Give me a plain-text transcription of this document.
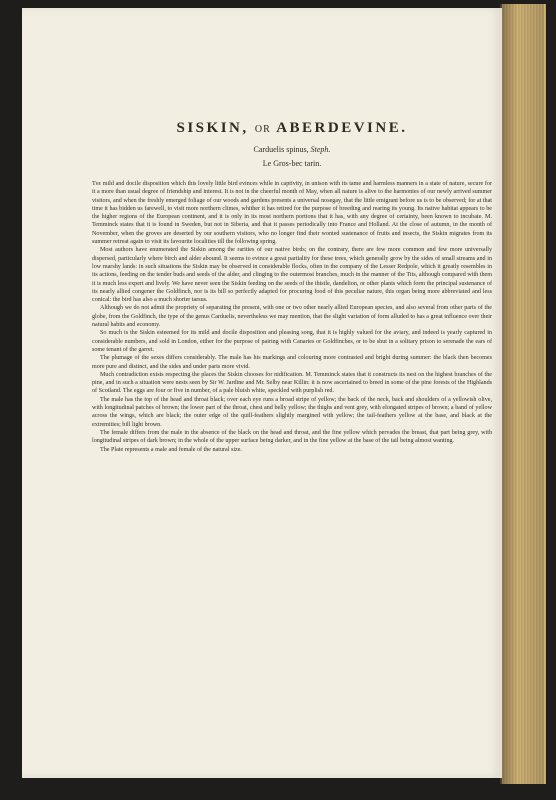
SISKIN, OR ABERDEVINE.
Carduelis spinus, Steph.
Le Gros-bec tarin.

The mild and docile disposition which this lovely little bird evinces while in captivity, in unison with its tame and harmless manners in a state of nature, secure for it a more than usual degree of friendship and interest. It is not in the cheerful month of May, when all nature is alive to the harmonies of our newly arrived summer visitors, and when the freshly emerged foliage of our woods and gardens presents a universal nosegay, that the little emigrant before us is to be observed; for at that time it has bidden us farewell, to visit more northern climes, whither it has retired for the purpose of breeding and rearing its young. Its native habitat appears to be the higher regions of the European continent, and it is only in its most northern portions that it has, with any degree of certainty, been known to incubate. M. Temminck states that it is found in Sweden, but not in Siberia, and that it passes periodically into France and Holland. At the close of autumn, in the month of November, when the groves are deserted by our southern visitors, who no longer find their wonted sustenance of fruits and insects, the Siskin migrates from its summer retreat again to visit its favourite localities till the following spring.

Most authors have enumerated the Siskin among the rarities of our native birds; on the contrary, there are few more common and few more universally dispersed, particularly where birch and alder abound. It seems to evince a great partiality for these trees, which generally grow by the sides of small streams and in low marshy lands: in such situations the Siskin may be observed in considerable flocks, often in the company of the Lesser Redpole, which it greatly resembles in its actions, feeding on the tender buds and seeds of the alder, and clinging to the outermost branches, much in the manner of the Tits, although compared with them it is much less expert and lively. We have never seen the Siskin feeding on the seeds of the thistle, dandelion, or other plants which form the principal sustenance of its nearly allied congener the Goldfinch, nor is its bill so perfectly adapted for procuring food of this peculiar nature, this organ being more abbreviated and less conical: the bird has also a much shorter tarsus.

Although we do not admit the propriety of separating the present, with one or two other nearly allied European species, and also several from other parts of the globe, from the Goldfinch, the type of the genus Carduelis, nevertheless we may mention, that the slight variation of form alluded to has a great influence over their natural habits and economy.

So much is the Siskin esteemed for its mild and docile disposition and pleasing song, that it is highly valued for the aviary, and indeed is yearly captured in considerable numbers, and sold in London, either for the purpose of pairing with Canaries or Goldfinches, or to be shut in a solitary prison to serenade the ears of some tenant of the garret.

The plumage of the sexes differs considerably. The male has his markings and colouring more contrasted and bright during summer: the black then becomes more pure and distinct, and the sides and under parts more vivid.

Much contradiction exists respecting the places the Siskin chooses for nidification. M. Temminck states that it constructs its nest on the highest branches of the pine, and in such a situation were nests seen by Sir W. Jardine and Mr. Selby near Killin: it is now ascertained to breed in some of the pine forests of the Highlands of Scotland. The eggs are four or five in number, of a pale bluish white, speckled with purplish red.

The male has the top of the head and throat black; over each eye runs a broad stripe of yellow; the back of the neck, back and shoulders of a yellowish olive, with longitudinal patches of brown; the lower part of the throat, chest and belly yellow; the thighs and vent grey, with elongated stripes of brown; a band of yellow across the wings, which are black; the outer edge of the quill-feathers slightly margined with yellow; the tail-feathers yellow at the base, and black at the extremities; bill light brown.

The female differs from the male in the absence of the black on the head and throat, and the fine yellow which pervades the breast, that part being grey, with longitudinal stripes of dark brown; in the whole of the upper surface being darker, and in the fine yellow at the base of the tail being almost wanting.

The Plate represents a male and female of the natural size.
